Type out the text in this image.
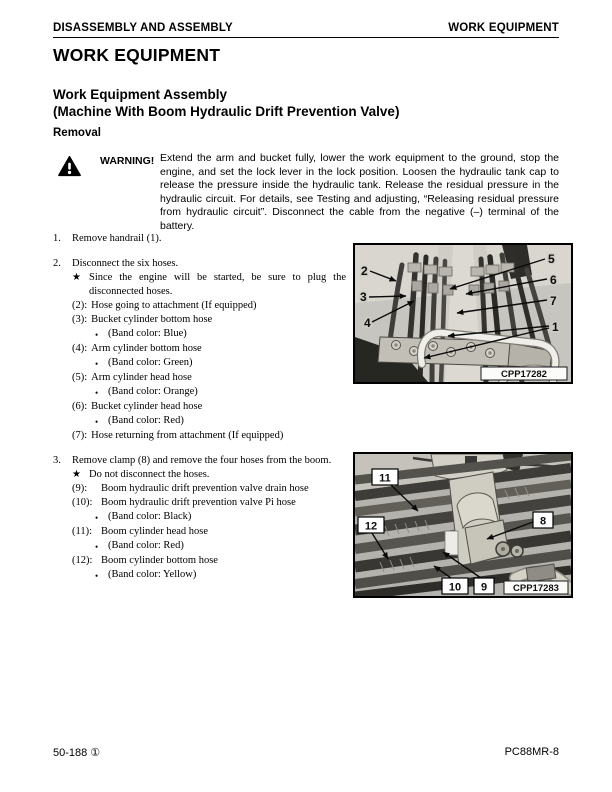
DISASSEMBLY AND ASSEMBLY	WORK EQUIPMENT
WORK EQUIPMENT
Work Equipment Assembly
(Machine With Boom Hydraulic Drift Prevention Valve)
Removal
WARNING! Extend the arm and bucket fully, lower the work equipment to the ground, stop the engine, and set the lock lever in the lock position. Loosen the hydraulic tank cap to release the pressure inside the hydraulic tank. Release the residual pressure in the hydraulic circuit. For details, see Testing and adjusting, “Releasing residual pressure from hydraulic circuit”. Disconnect the cable from the negative (–) terminal of the battery.
1.	Remove handrail (1).
2.	Disconnect the six hoses.
★ Since the engine will be started, be sure to plug the disconnected hoses.
(2): Hose going to attachment (If equipped)
(3): Bucket cylinder bottom hose
• (Band color: Blue)
(4): Arm cylinder bottom hose
• (Band color: Green)
(5): Arm cylinder head hose
• (Band color: Orange)
(6): Bucket cylinder head hose
• (Band color: Red)
(7): Hose returning from attachment (If equipped)
3.	Remove clamp (8) and remove the four hoses from the boom.
★ Do not disconnect the hoses.
(9):	Boom hydraulic drift prevention valve drain hose
(10): Boom hydraulic drift prevention valve Pi hose
• (Band color: Black)
(11): Boom cylinder head hose
• (Band color: Red)
(12): Boom cylinder bottom hose
• (Band color: Yellow)
2
3
4
5
6
7
1
CPP17282
11
12	8
10 9	CPP17283
50-188 ①	PC88MR-8
